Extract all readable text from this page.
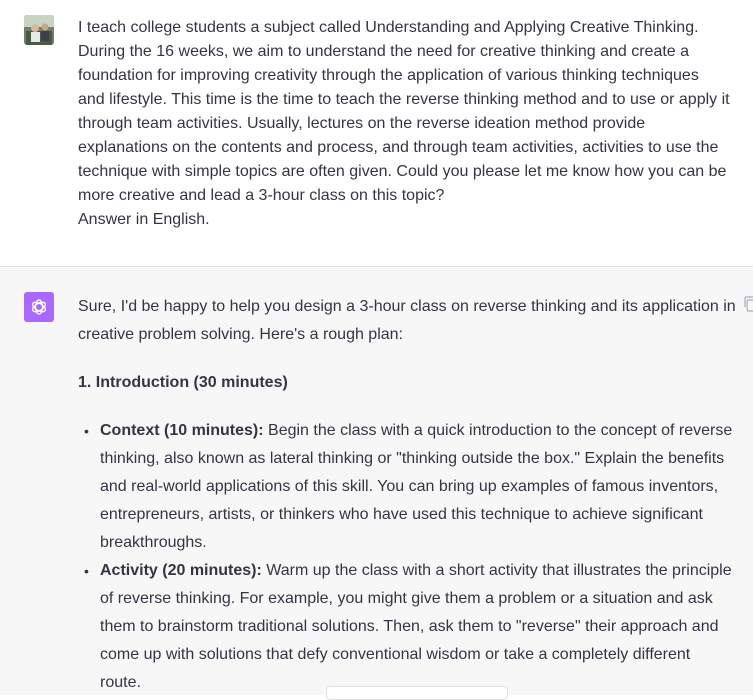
I teach college students a subject called Understanding and Applying Creative Thinking.
During the 16 weeks, we aim to understand the need for creative thinking and create a
foundation for improving creativity through the application of various thinking techniques
and lifestyle. This time is the time to teach the reverse thinking method and to use or apply it
through team activities. Usually, lectures on the reverse ideation method provide
explanations on the contents and process, and through team activities, activities to use the
technique with simple topics are often given. Could you please let me know how you can be
more creative and lead a 3-hour class on this topic?
Answer in English.

Sure, I'd be happy to help you design a 3-hour class on reverse thinking and its application in
creative problem solving. Here's a rough plan:

1. Introduction (30 minutes)

• Context (10 minutes): Begin the class with a quick introduction to the concept of reverse
thinking, also known as lateral thinking or "thinking outside the box." Explain the benefits
and real-world applications of this skill. You can bring up examples of famous inventors,
entrepreneurs, artists, or thinkers who have used this technique to achieve significant
breakthroughs.
• Activity (20 minutes): Warm up the class with a short activity that illustrates the principle
of reverse thinking. For example, you might give them a problem or a situation and ask
them to brainstorm traditional solutions. Then, ask them to "reverse" their approach and
come up with solutions that defy conventional wisdom or take a completely different
route.
